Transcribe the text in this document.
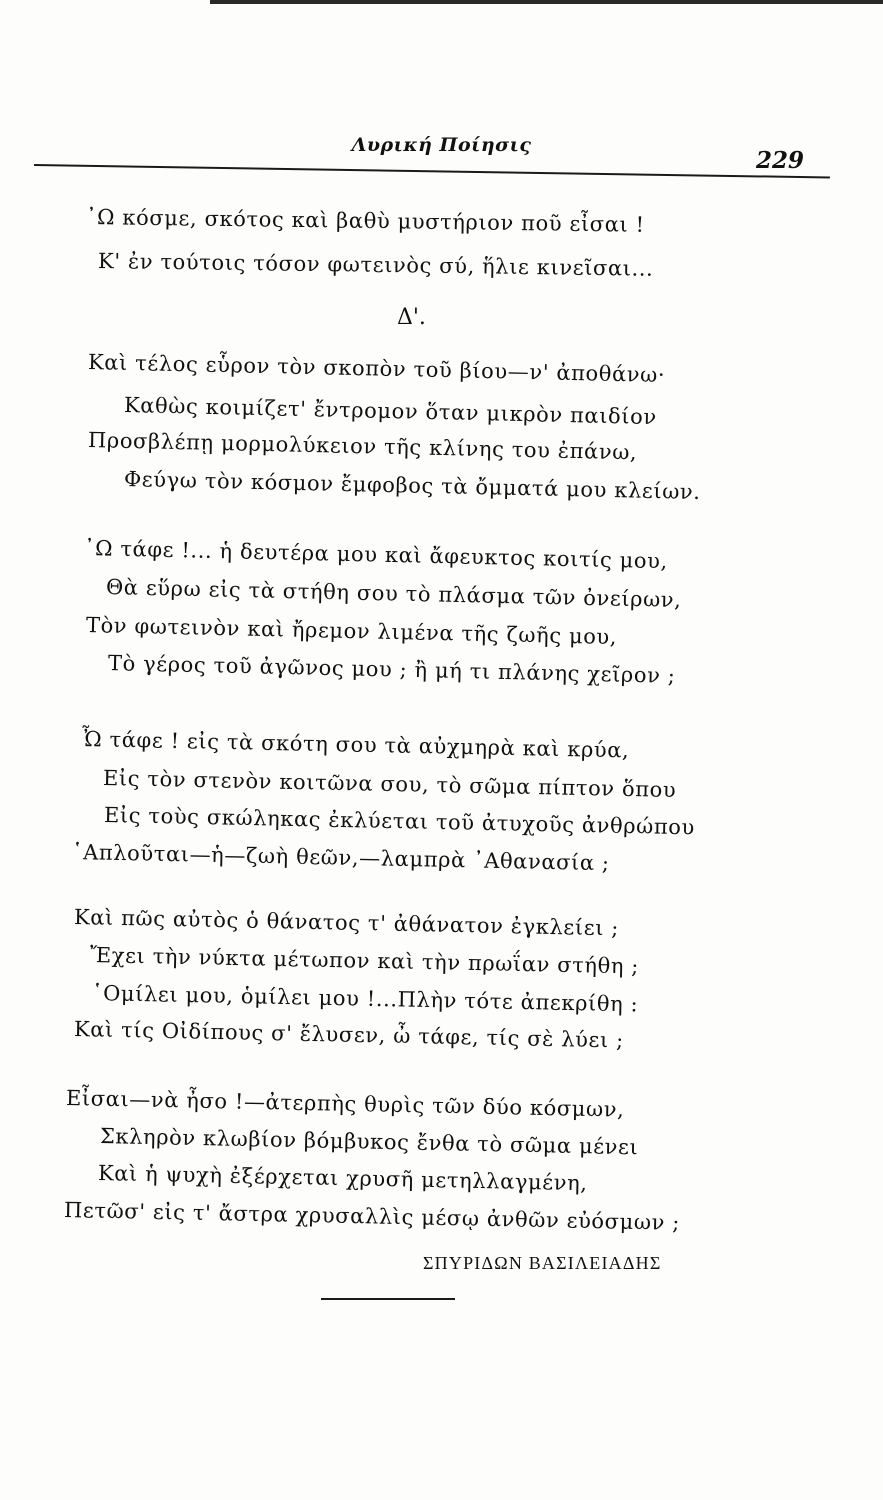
Λυρική Ποίησις
229
᾿Ω κόσμε, σκότος καὶ βαθὺ μυστήριον ποῦ εἶσαι !
Κ' ἐν τούτοις τόσον φωτεινὸς σύ, ἥλιε κινεῖσαι...
Δ'.
Καὶ τέλος εὗρον τὸν σκοπὸν τοῦ βίου—ν' ἀποθάνω·
Καθὼς κοιμίζετ' ἔντρομον ὅταν μικρὸν παιδίον
Προσβλέπῃ μορμολύκειον τῆς κλίνης του ἐπάνω,
Φεύγω τὸν κόσμον ἔμφοβος τὰ ὄμματά μου κλείων.
᾿Ω τάφε !... ἡ δευτέρα μου καὶ ἄφευκτος κοιτίς μου,
Θὰ εὕρω εἰς τὰ στήθη σου τὸ πλάσμα τῶν ὀνείρων,
Τὸν φωτεινὸν καὶ ἤρεμον λιμένα τῆς ζωῆς μου,
Τὸ γέρος τοῦ ἀγῶνος μου ; ἢ μή τι πλάνης χεῖρον ;
Ὦ τάφε ! εἰς τὰ σκότη σου τὰ αὐχμηρὰ καὶ κρύα,
Εἰς τὸν στενὸν κοιτῶνα σου, τὸ σῶμα πίπτον ὅπου
Εἰς τοὺς σκώληκας ἐκλύεται τοῦ ἀτυχοῦς ἀνθρώπου
῾Απλοῦται—ἡ—ζωὴ θεῶν,—λαμπρὰ ᾿Αθανασία ;
Καὶ πῶς αὐτὸς ὁ θάνατος τ' ἀθάνατον ἐγκλείει ;
Ἔχει τὴν νύκτα μέτωπον καὶ τὴν πρωΐαν στήθη ;
῾Ομίλει μου, ὁμίλει μου !...Πλὴν τότε ἀπεκρίθη :
Καὶ τίς Οἰδίπους σ' ἔλυσεν, ὦ τάφε, τίς σὲ λύει ;
Εἶσαι—νὰ ἦσο !—ἀτερπὴς θυρὶς τῶν δύο κόσμων,
Σκληρὸν κλωβίον βόμβυκος ἔνθα τὸ σῶμα μένει
Καὶ ἡ ψυχὴ ἐξέρχεται χρυσῆ μετηλλαγμένη,
Πετῶσ' εἰς τ' ἄστρα χρυσαλλὶς μέσῳ ἀνθῶν εὐόσμων ;
ΣΠΥΡΙΔΩΝ ΒΑΣΙΛΕΙΑΔΗΣ
